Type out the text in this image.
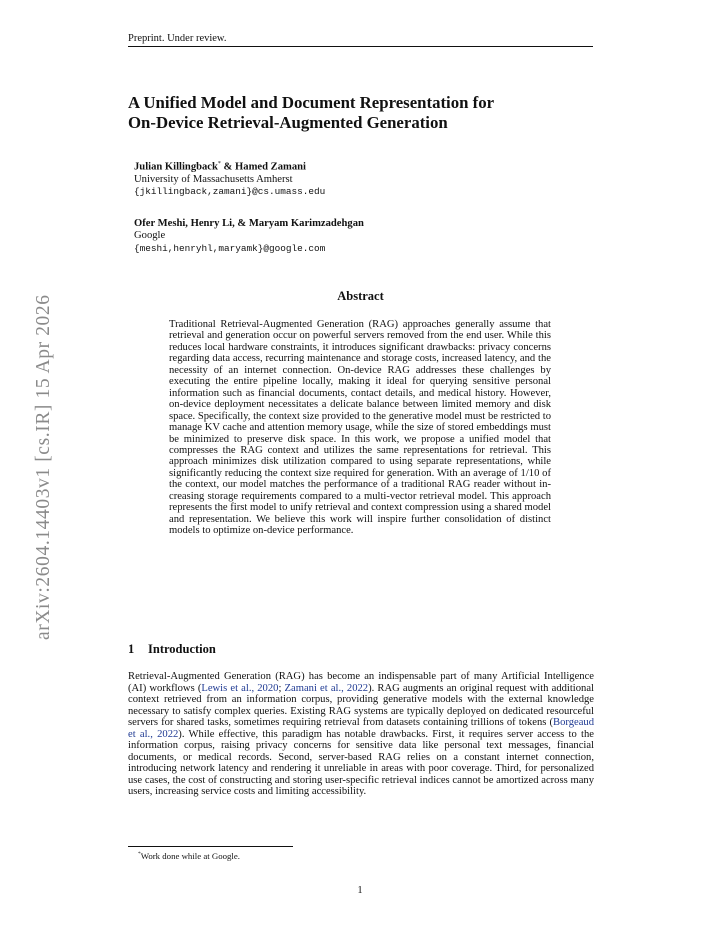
Preprint. Under review.
arXiv:2604.14403v1 [cs.IR] 15 Apr 2026
A Unified Model and Document Representation for
On-Device Retrieval-Augmented Generation
Julian Killingback* & Hamed Zamani
University of Massachusetts Amherst
{jkillingback,zamani}@cs.umass.edu
Ofer Meshi, Henry Li, & Maryam Karimzadehgan
Google
{meshi,henryhl,maryamk}@google.com
Abstract
Traditional Retrieval-Augmented Generation (RAG) approaches generally assume that retrieval and generation occur on powerful servers removed from the end user. While this reduces local hardware constraints, it introduces significant drawbacks: privacy concerns regarding data access, recurring maintenance and storage costs, increased latency, and the necessity of an internet connection. On-device RAG addresses these challenges by executing the entire pipeline locally, making it ideal for querying sensitive personal information such as financial documents, contact details, and medical history. However, on-device deployment necessitates a delicate balance between limited memory and disk space. Specifically, the context size provided to the generative model must be restricted to manage KV cache and attention memory usage, while the size of stored embeddings must be minimized to preserve disk space. In this work, we propose a unified model that compresses the RAG context and utilizes the same representations for retrieval. This approach minimizes disk utilization compared to using separate representations, while significantly reducing the context size required for generation. With an average of 1/10 of the context, our model matches the performance of a traditional RAG reader without increasing storage requirements compared to a multi-vector retrieval model. This approach represents the first model to unify retrieval and context compression using a shared model and representation. We believe this work will inspire further consolidation of distinct models to optimize on-device performance.
1 Introduction
Retrieval-Augmented Generation (RAG) has become an indispensable part of many Artificial Intelligence (AI) workflows (Lewis et al., 2020; Zamani et al., 2022). RAG augments an original request with additional context retrieved from an information corpus, providing generative models with the external knowledge necessary to satisfy complex queries. Existing RAG systems are typically deployed on dedicated resourceful servers for shared tasks, sometimes requiring retrieval from datasets containing trillions of tokens (Borgeaud et al., 2022). While effective, this paradigm has notable drawbacks. First, it requires server access to the information corpus, raising privacy concerns for sensitive data like personal text messages, financial documents, or medical records. Second, server-based RAG relies on a constant internet connection, introducing network latency and rendering it unreliable in areas with poor coverage. Third, for personalized use cases, the cost of constructing and storing user-specific retrieval indices cannot be amortized across many users, increasing service costs and limiting accessibility.
*Work done while at Google.
1
